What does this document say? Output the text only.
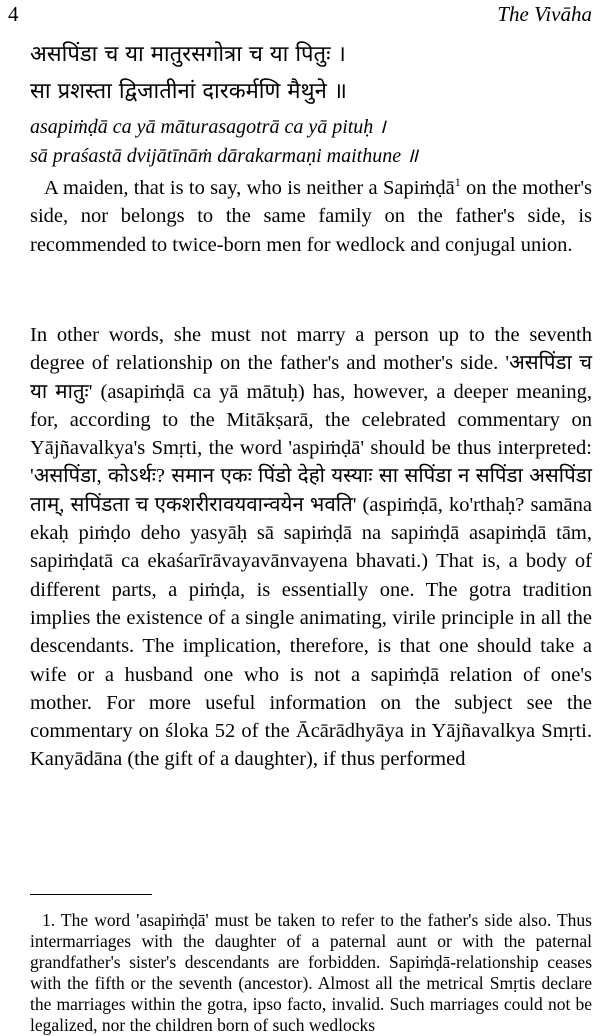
4	The Vivāha
असपिंडा च या मातुरसगोत्रा च या पितुः ।
सा प्रशस्ता द्विजातीनां दारकर्मणि मैथुने ॥
asapiṁḍā ca yā māturasagotrā ca yā pituḥ ।
sā praśastā dvijātīnāṁ dārakarmaṇi maithune ॥

A maiden, that is to say, who is neither a Sapiṁḍā$^1$ on the mother's side, nor belongs to the same family on the father's side, is recommended to twice-born men for wedlock and conjugal union.

In other words, she must not marry a person up to the seventh degree of relationship on the father's and mother's side. 'असपिंडा च या मातुः' (asapiṁḍā ca yā mātuḥ) has, however, a deeper meaning, for, according to the Mitākṣarā, the celebrated commentary on Yājñavalkya's Smṛti, the word 'aspiṁḍā' should be thus interpreted: 'असपिंडा, कोऽर्थः? समान एकः पिंडो देहो यस्याः सा सपिंडा न सपिंडा असपिंडा ताम्, सपिंडता च एकशरीरावयवान्वयेन भवति' (aspiṁḍā, ko'rthaḥ? samāna ekaḥ piṁḍo deho yasyāḥ sā sapiṁḍā na sapiṁḍā asapiṁḍā tām, sapiṁḍatā ca ekaśarīrāvayavānvayena bhavati.) That is, a body of different parts, a piṁḍa, is essentially one. The gotra tradition implies the existence of a single animating, virile principle in all the descendants. The implication, therefore, is that one should take a wife or a husband one who is not a sapiṁḍā relation of one's mother. For more useful information on the subject see the commentary on śloka 52 of the Ācārādhyāya in Yājñavalkya Smṛti. Kanyādāna (the gift of a daughter), if thus performed

1. The word 'asapiṁḍā' must be taken to refer to the father's side also. Thus intermarriages with the daughter of a paternal aunt or with the paternal grandfather's sister's descendants are forbidden. Sapiṁḍā-relationship ceases with the fifth or the seventh (ancestor). Almost all the metrical Smṛtis declare the marriages within the gotra, ipso facto, invalid. Such marriages could not be legalized, nor the children born of such wedlocks
